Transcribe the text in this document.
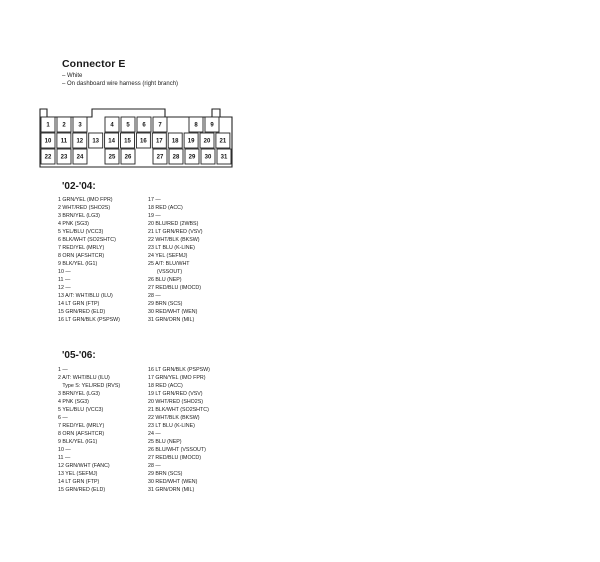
Connector E
– White
– On dashboard wire harness (right branch)
1 2 3	4 5 6 7	8 9
10 11 12 13 14 15 16 17 18 19 20 21
22 23 24	25 26	27 28 29 30 31
'02-'04:
1 GRN/YEL (IMO FPR)
2 WHT/RED (SHO2S)
3 BRN/YEL (LG3)
4 PNK (SG3)
5 YEL/BLU (VCC3)
6 BLK/WHT (SO2SHTC)
7 RED/YEL (MRLY)
8 ORN (AFSHTCR)
9 BLK/YEL (IG1)
10 —
11 —
12 —
13 A/T: WHT/BLU (ILU)
14 LT GRN (FTP)
15 GRN/RED (ELD)
16 LT GRN/BLK (PSPSW)
17 —
18 RED (ACC)
19 —
20 BLU/RED (2WBS)
21 LT GRN/RED (VSV)
22 WHT/BLK (BKSW)
23 LT BLU (K-LINE)
24 YEL (SEFMJ)
25 A/T: BLU/WHT
(VSSOUT)
26 BLU (NEP)
27 RED/BLU (IMOCD)
28 —
29 BRN (SCS)
30 RED/WHT (WEN)
31 GRN/ORN (MIL)
'05-'06:
1 —
2 A/T: WHT/BLU (ILU)
Type S: YEL/RED (RVS)
3 BRN/YEL (LG3)
4 PNK (SG3)
5 YEL/BLU (VCC3)
6 —
7 RED/YEL (MRLY)
8 ORN (AFSHTCR)
9 BLK/YEL (IG1)
10 —
11 —
12 GRN/WHT (FANC)
13 YEL (SEFMJ)
14 LT GRN (FTP)
15 GRN/RED (ELD)
16 LT GRN/BLK (PSPSW)
17 GRN/YEL (IMO FPR)
18 RED (ACC)
19 LT GRN/RED (VSV)
20 WHT/RED (SHO2S)
21 BLK/WHT (SO2SHTC)
22 WHT/BLK (BKSW)
23 LT BLU (K-LINE)
24 —
25 BLU (NEP)
26 BLU/WHT (VSSOUT)
27 RED/BLU (IMOCD)
28 —
29 BRN (SCS)
30 RED/WHT (WEN)
31 GRN/ORN (MIL)
